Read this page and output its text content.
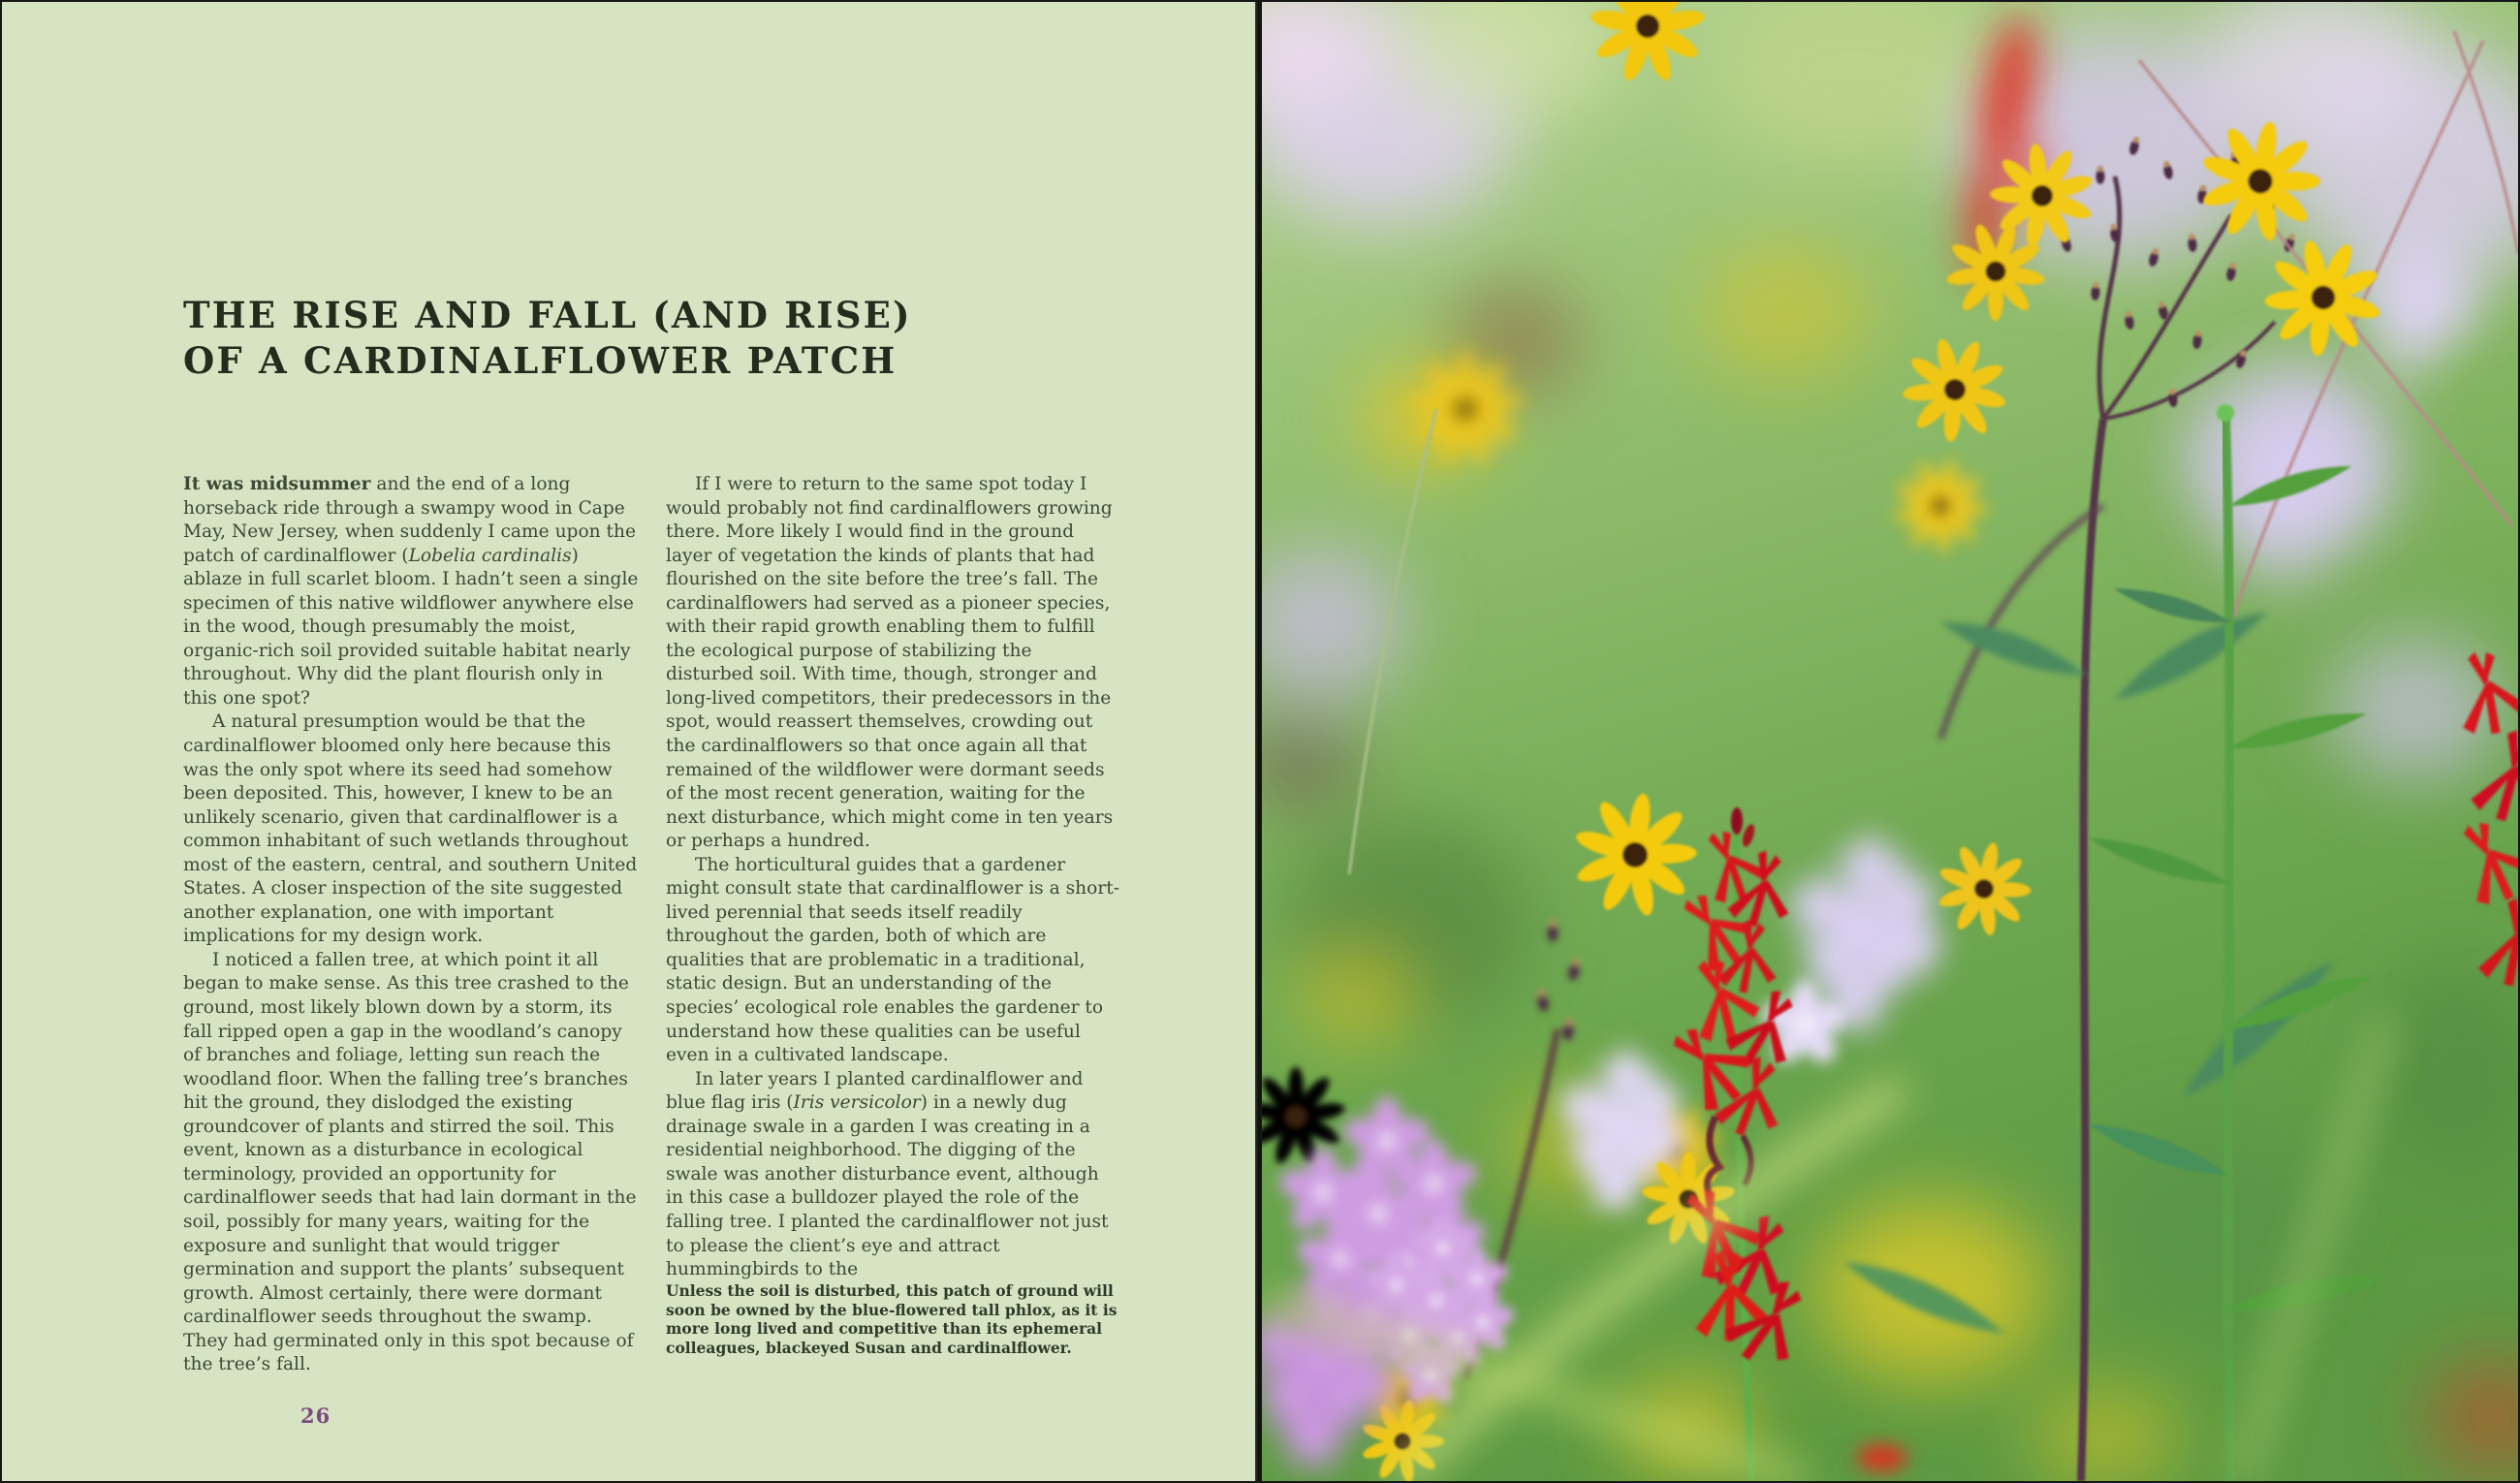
THE RISE AND FALL (AND RISE) OF A CARDINALFLOWER PATCH

It was midsummer and the end of a long horseback ride through a swampy wood in Cape May, New Jersey, when suddenly I came upon the patch of cardinalflower (Lobelia cardinalis) ablaze in full scarlet bloom. I hadn’t seen a single specimen of this native wildflower anywhere else in the wood, though presumably the moist, organic-rich soil provided suitable habitat nearly throughout. Why did the plant flourish only in this one spot?

A natural presumption would be that the cardinalflower bloomed only here because this was the only spot where its seed had somehow been deposited. This, however, I knew to be an unlikely scenario, given that cardinalflower is a common inhabitant of such wetlands throughout most of the eastern, central, and southern United States. A closer inspection of the site suggested another explanation, one with important implications for my design work.

I noticed a fallen tree, at which point it all began to make sense. As this tree crashed to the ground, most likely blown down by a storm, its fall ripped open a gap in the woodland’s canopy of branches and foliage, letting sun reach the woodland floor. When the falling tree’s branches hit the ground, they dislodged the existing groundcover of plants and stirred the soil. This event, known as a disturbance in ecological terminology, provided an opportunity for cardinalflower seeds that had lain dormant in the soil, possibly for many years, waiting for the exposure and sunlight that would trigger germination and support the plants’ subsequent growth. Almost certainly, there were dormant cardinalflower seeds throughout the swamp. They had germinated only in this spot because of the tree’s fall.

If I were to return to the same spot today I would probably not find cardinalflowers growing there. More likely I would find in the ground layer of vegetation the kinds of plants that had flourished on the site before the tree’s fall. The cardinalflowers had served as a pioneer species, with their rapid growth enabling them to fulfill the ecological purpose of stabilizing the disturbed soil. With time, though, stronger and long-lived competitors, their predecessors in the spot, would reassert themselves, crowding out the cardinalflowers so that once again all that remained of the wildflower were dormant seeds of the most recent generation, waiting for the next disturbance, which might come in ten years or perhaps a hundred.

The horticultural guides that a gardener might consult state that cardinalflower is a short-lived perennial that seeds itself readily throughout the garden, both of which are qualities that are problematic in a traditional, static design. But an understanding of the species’ ecological role enables the gardener to understand how these qualities can be useful even in a cultivated landscape.

In later years I planted cardinalflower and blue flag iris (Iris versicolor) in a newly dug drainage swale in a garden I was creating in a residential neighborhood. The digging of the swale was another disturbance event, although in this case a bulldozer played the role of the falling tree. I planted the cardinalflower not just to please the client’s eye and attract hummingbirds to the

Unless the soil is disturbed, this patch of ground will soon be owned by the blue-flowered tall phlox, as it is more long lived and competitive than its ephemeral colleagues, blackeyed Susan and cardinalflower.

26
